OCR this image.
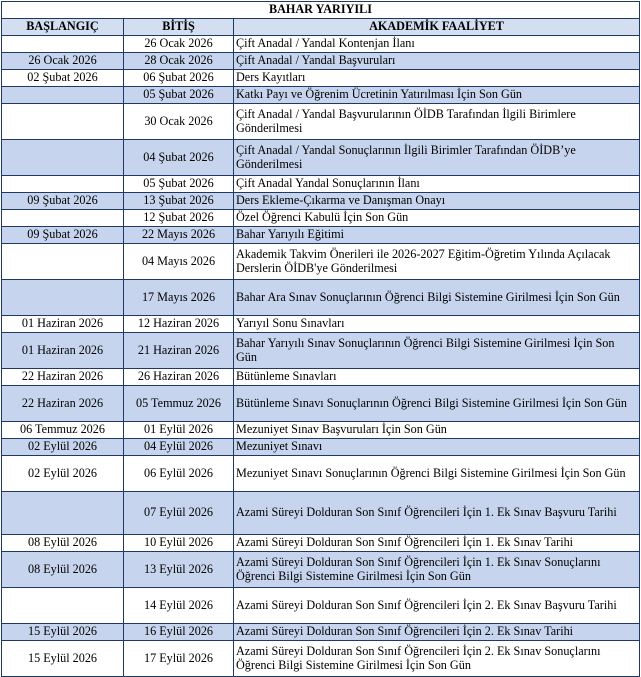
BAHAR YARIYILI		
BAŞLANGIÇ	BİTİŞ	AKADEMİK FAALİYET
	26 Ocak 2026	Çift Anadal / Yandal Kontenjan İlanı
26 Ocak 2026	28 Ocak 2026	Çift Anadal / Yandal Başvuruları
02 Şubat 2026	06 Şubat 2026	Ders Kayıtları
	05 Şubat 2026	Katkı Payı ve Öğrenim Ücretinin Yatırılması İçin Son Gün
	30 Ocak 2026	Çift Anadal / Yandal Başvurularının ÖİDB Tarafından İlgili Birimlere Gönderilmesi
	04 Şubat 2026	Çift Anadal / Yandal Sonuçlarının İlgili Birimler Tarafından ÖİDB’ye Gönderilmesi
	05 Şubat 2026	Çift Anadal Yandal Sonuçlarının İlanı
09 Şubat 2026	13 Şubat 2026	Ders Ekleme-Çıkarma ve Danışman Onayı
	12 Şubat 2026	Özel Öğrenci Kabulü İçin Son Gün
09 Şubat 2026	22 Mayıs 2026	Bahar Yarıyılı Eğitimi
	04 Mayıs 2026	Akademik Takvim Önerileri ile 2026-2027 Eğitim-Öğretim Yılında Açılacak Derslerin ÖİDB'ye Gönderilmesi
	17 Mayıs 2026	Bahar Ara Sınav Sonuçlarının Öğrenci Bilgi Sistemine Girilmesi İçin Son Gün
01 Haziran 2026	12 Haziran 2026	Yarıyıl Sonu Sınavları
01 Haziran 2026	21 Haziran 2026	Bahar Yarıyılı Sınav Sonuçlarının Öğrenci Bilgi Sistemine Girilmesi İçin Son Gün
22 Haziran 2026	26 Haziran 2026	Bütünleme Sınavları
22 Haziran 2026	05 Temmuz 2026	Bütünleme Sınavı Sonuçlarının Öğrenci Bilgi Sistemine Girilmesi İçin Son Gün
06 Temmuz 2026	01 Eylül 2026	Mezuniyet Sınav Başvuruları İçin Son Gün
02 Eylül 2026	04 Eylül 2026	Mezuniyet Sınavı
02 Eylül 2026	06 Eylül 2026	Mezuniyet Sınavı Sonuçlarının Öğrenci Bilgi Sistemine Girilmesi İçin Son Gün
	07 Eylül 2026	Azami Süreyi Dolduran Son Sınıf Öğrencileri İçin 1. Ek Sınav Başvuru Tarihi
08 Eylül 2026	10 Eylül 2026	Azami Süreyi Dolduran Son Sınıf Öğrencileri İçin 1. Ek Sınav Tarihi
08 Eylül 2026	13 Eylül 2026	Azami Süreyi Dolduran Son Sınıf Öğrencileri İçin 1. Ek Sınav Sonuçlarını Öğrenci Bilgi Sistemine Girilmesi İçin Son Gün
	14 Eylül 2026	Azami Süreyi Dolduran Son Sınıf Öğrencileri İçin 2. Ek Sınav Başvuru Tarihi
15 Eylül 2026	16 Eylül 2026	Azami Süreyi Dolduran Son Sınıf Öğrencileri İçin 2. Ek Sınav Tarihi
15 Eylül 2026	17 Eylül 2026	Azami Süreyi Dolduran Son Sınıf Öğrencileri İçin 2. Ek Sınav Sonuçlarını Öğrenci Bilgi Sistemine Girilmesi İçin Son Gün
